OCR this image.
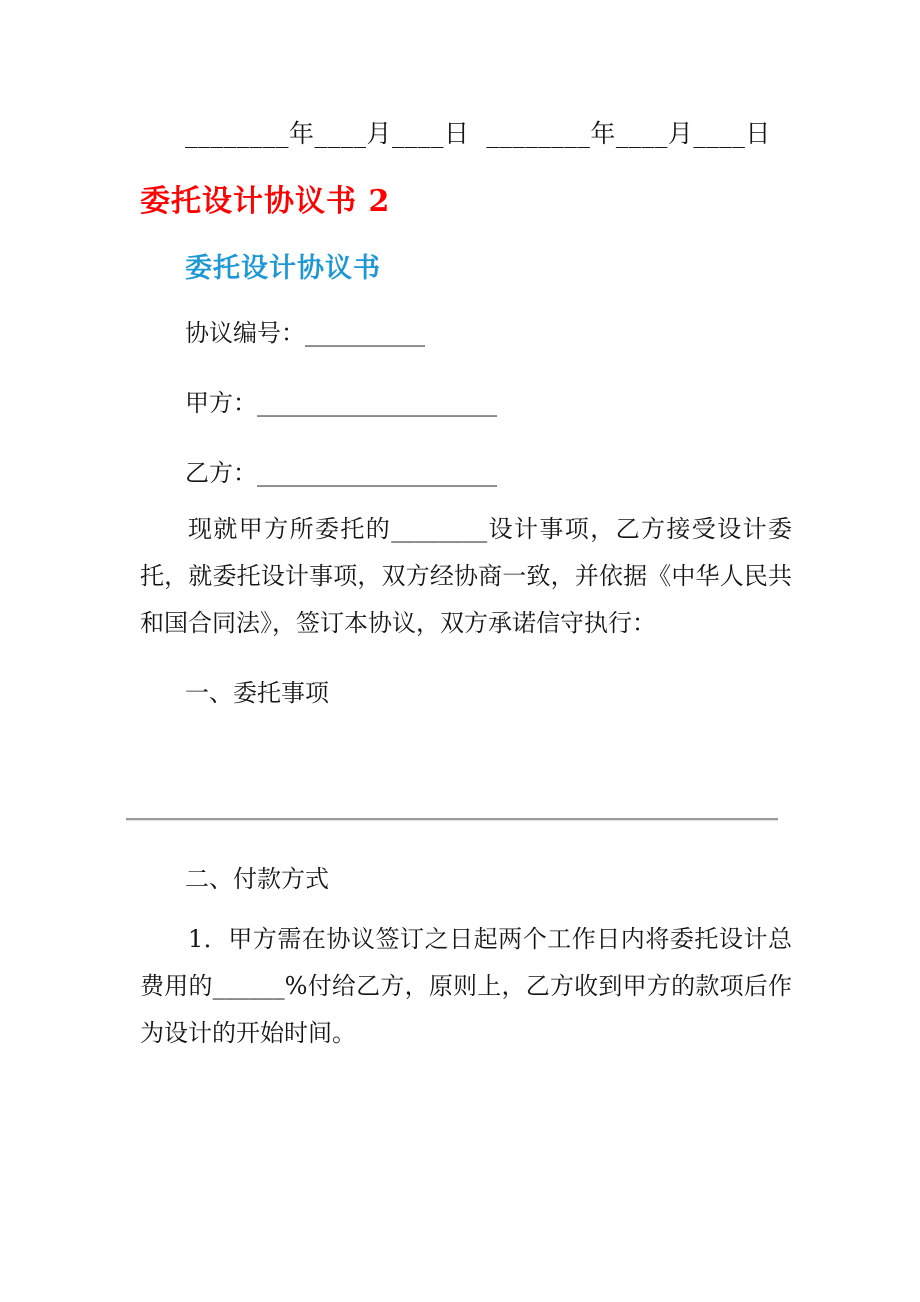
________年____月____日  ________年____月____日
委托设计协议书 2
委托设计协议书
协议编号：__________
甲方：____________________
乙方：____________________
现就甲方所委托的________设计事项，乙方接受设计委托，就委托设计事项，双方经协商一致，并依据《中华人民共和国合同法》，签订本协议，双方承诺信守执行：
一、委托事项
二、付款方式
1．甲方需在协议签订之日起两个工作日内将委托设计总费用的______%付给乙方，原则上，乙方收到甲方的款项后作为设计的开始时间。
